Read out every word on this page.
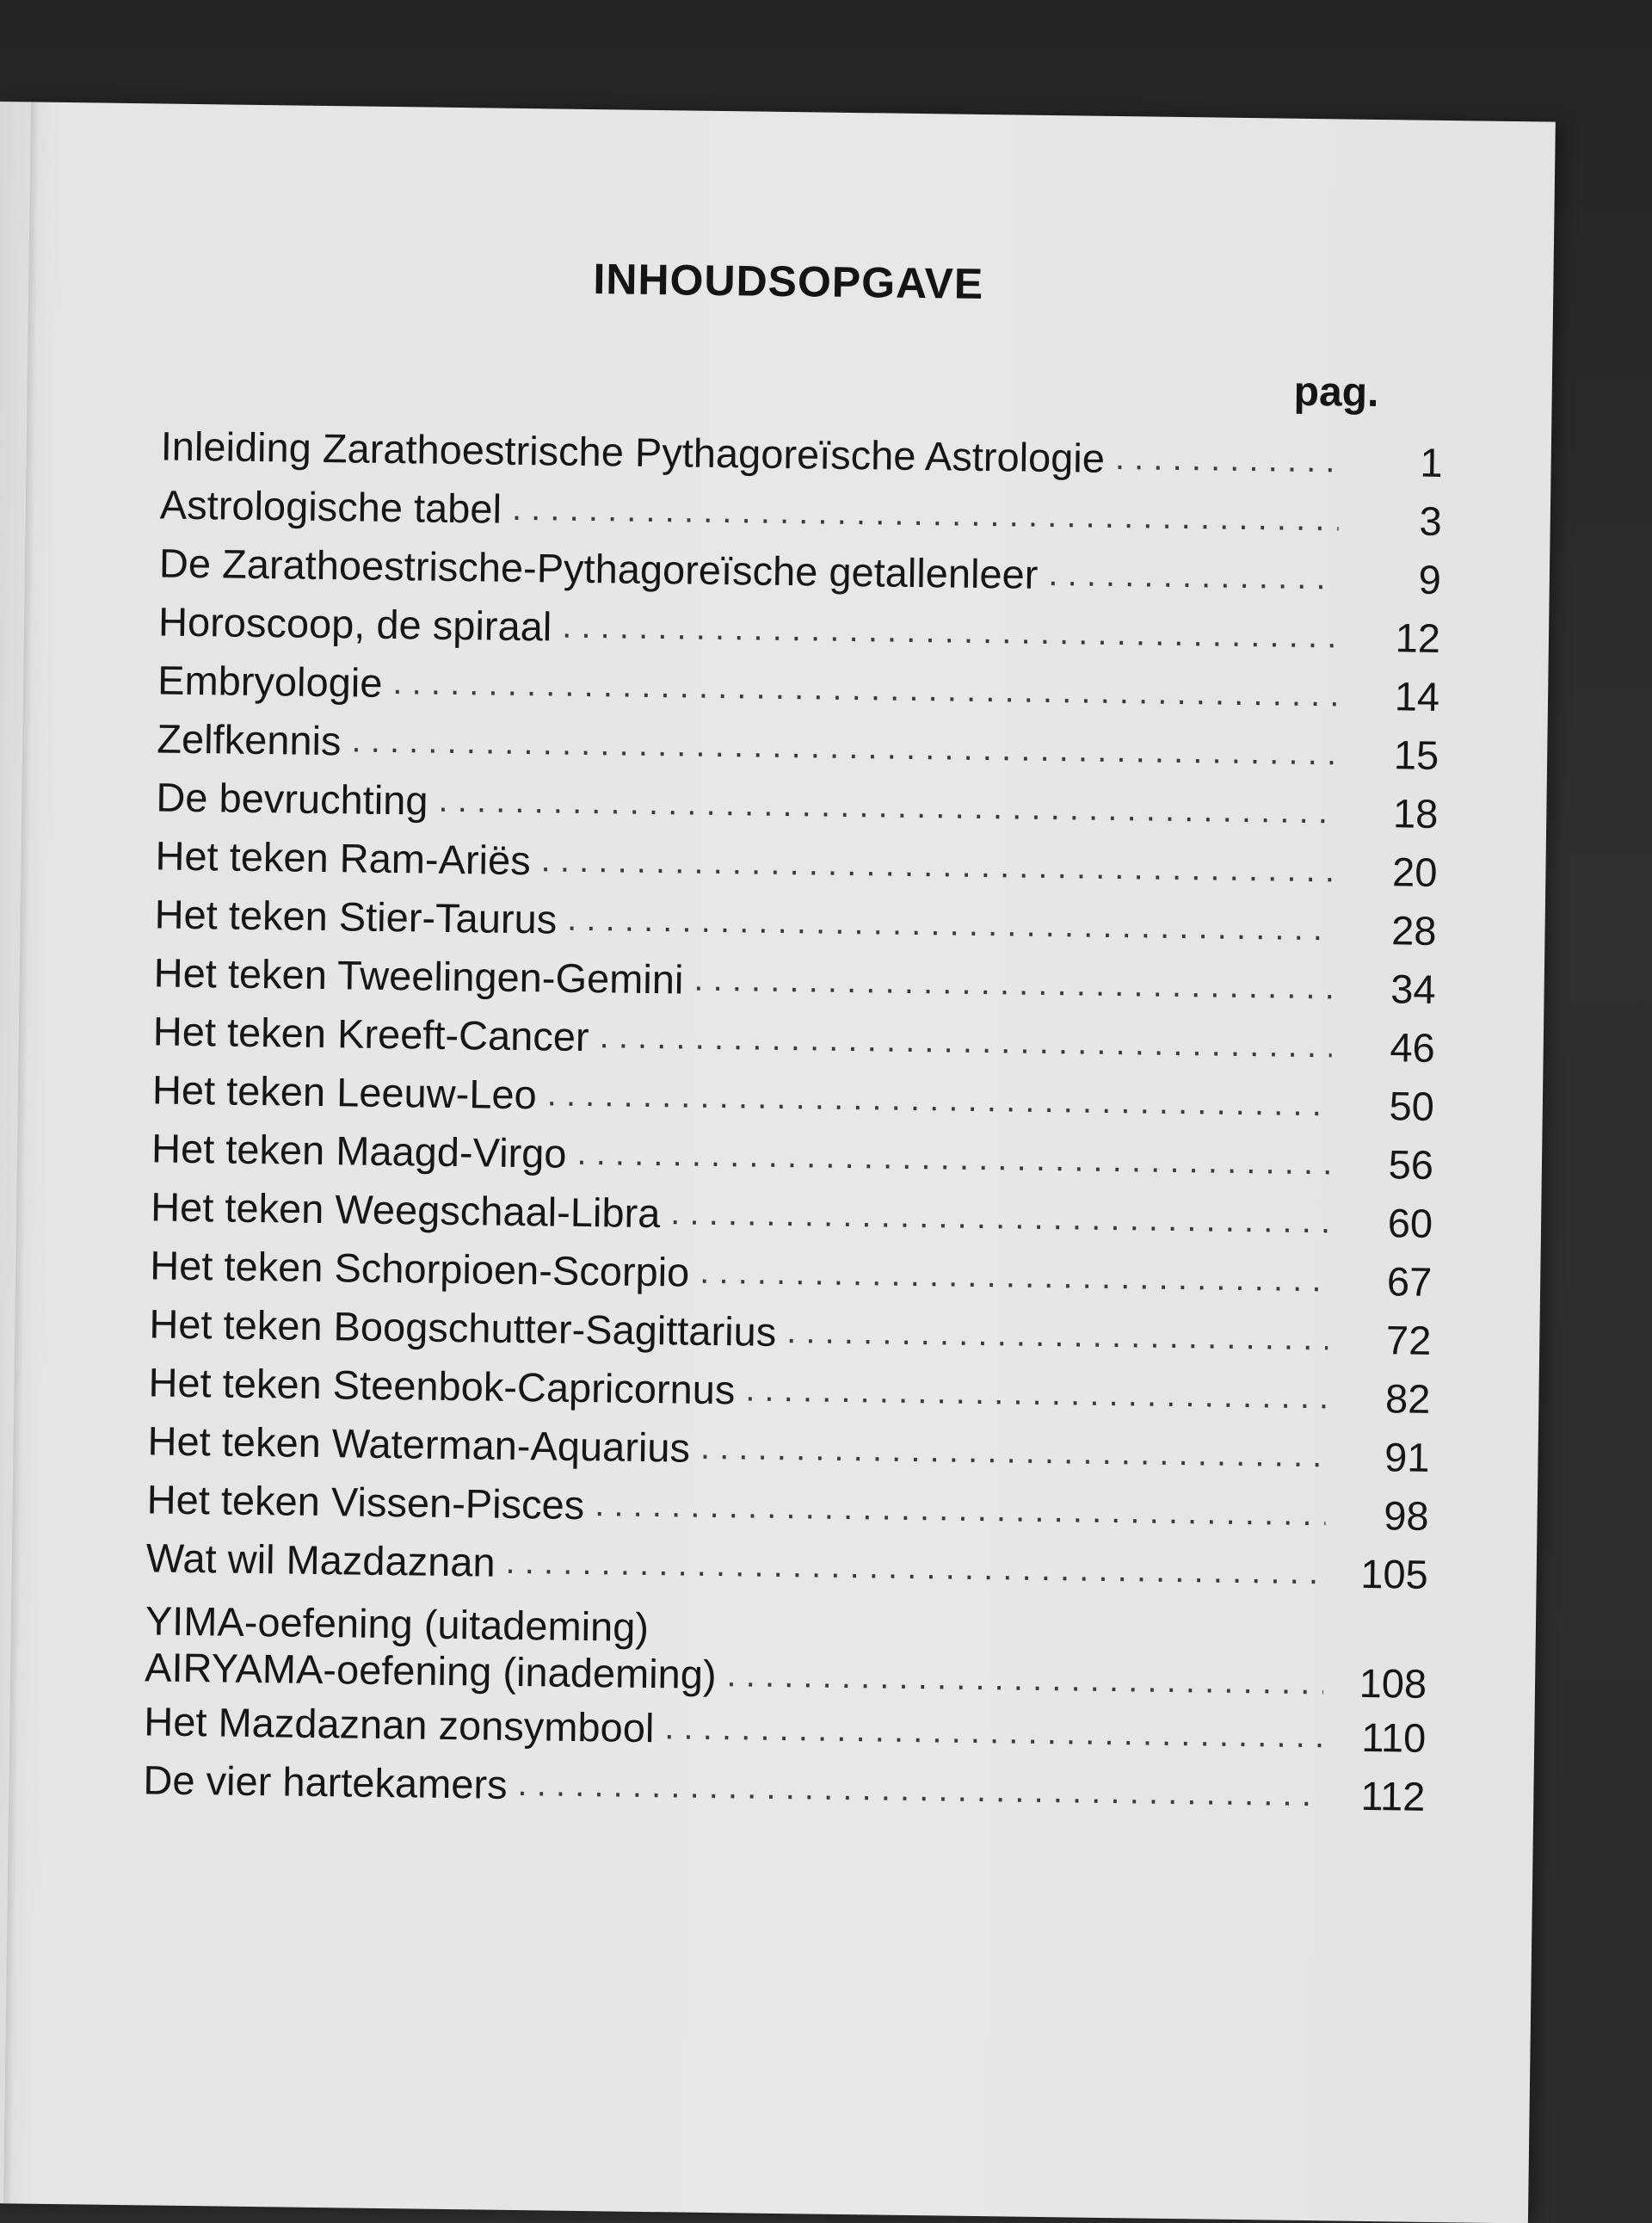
INHOUDSOPGAVE
pag.
Inleiding Zarathoestrische Pythagoreïsche Astrologie . . .	1
Astrologische tabel . . .	3
De Zarathoestrische-Pythagoreïsche getallenleer . . .	9
Horoscoop, de spiraal . . .	12
Embryologie . . .	14
Zelfkennis . . .	15
De bevruchting . . .	18
Het teken Ram-Ariës . . .	20
Het teken Stier-Taurus . . .	28
Het teken Tweelingen-Gemini . . .	34
Het teken Kreeft-Cancer . . .	46
Het teken Leeuw-Leo . . .	50
Het teken Maagd-Virgo . . .	56
Het teken Weegschaal-Libra . . .	60
Het teken Schorpioen-Scorpio . . .	67
Het teken Boogschutter-Sagittarius . . .	72
Het teken Steenbok-Capricornus . . .	82
Het teken Waterman-Aquarius . . .	91
Het teken Vissen-Pisces . . .	98
Wat wil Mazdaznan . . .	105
YIMA-oefening (uitademing)
AIRYAMA-oefening (inademing) . . .	108
Het Mazdaznan zonsymbool . . .	110
De vier hartekamers . . .	112
